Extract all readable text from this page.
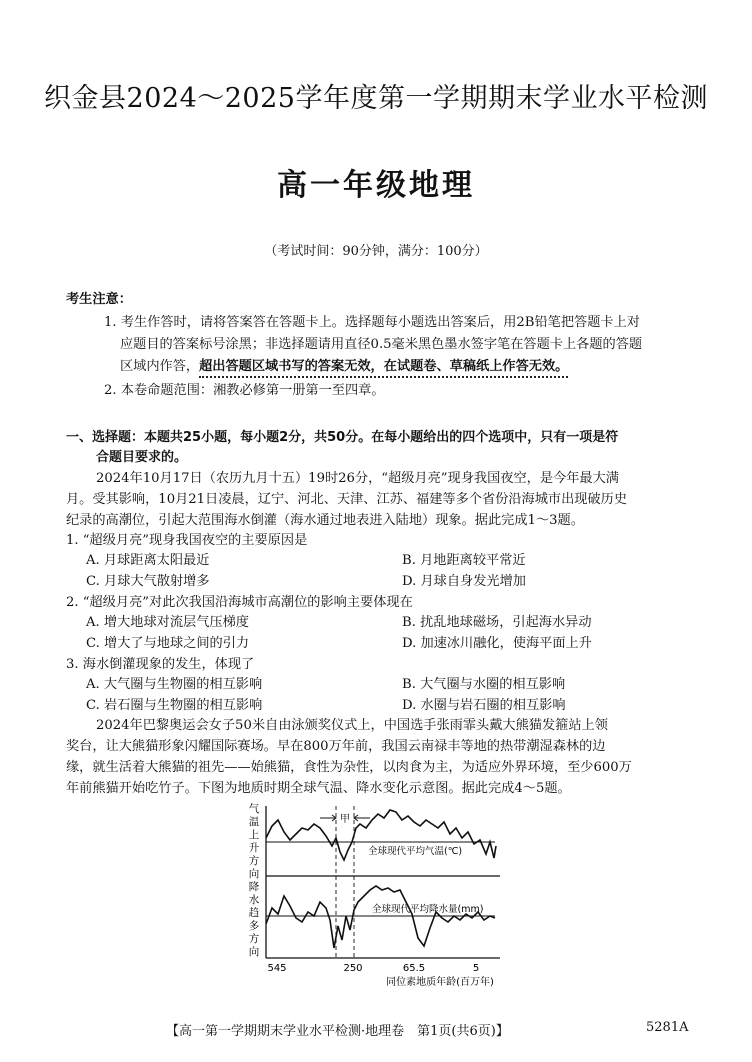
织金县2024～2025学年度第一学期期末学业水平检测
高一年级地理
（考试时间：90分钟，满分：100分）
考生注意：
1. 考生作答时，请将答案答在答题卡上。选择题每小题选出答案后，用2B铅笔把答题卡上对
应题目的答案标号涂黑；非选择题请用直径0.5毫米黑色墨水签字笔在答题卡上各题的答题
区域内作答，超出答题区域书写的答案无效，在试题卷、草稿纸上作答无效。
2. 本卷命题范围：湘教必修第一册第一至四章。
一、选择题：本题共25小题，每小题2分，共50分。在每小题给出的四个选项中，只有一项是符
合题目要求的。
2024年10月17日（农历九月十五）19时26分，“超级月亮”现身我国夜空，是今年最大满
月。受其影响，10月21日凌晨，辽宁、河北、天津、江苏、福建等多个省份沿海城市出现破历史
纪录的高潮位，引起大范围海水倒灌（海水通过地表进入陆地）现象。据此完成1～3题。
1. “超级月亮”现身我国夜空的主要原因是
A. 月球距离太阳最近	B. 月地距离较平常近
C. 月球大气散射增多	D. 月球自身发光增加
2. “超级月亮”对此次我国沿海城市高潮位的影响主要体现在
A. 增大地球对流层气压梯度	B. 扰乱地球磁场，引起海水异动
C. 增大了与地球之间的引力	D. 加速冰川融化，使海平面上升
3. 海水倒灌现象的发生，体现了
A. 大气圈与生物圈的相互影响	B. 大气圈与水圈的相互影响
C. 岩石圈与生物圈的相互影响	D. 水圈与岩石圈的相互影响
2024年巴黎奥运会女子50米自由泳颁奖仪式上，中国选手张雨霏头戴大熊猫发箍站上领
奖台，让大熊猫形象闪耀国际赛场。早在800万年前，我国云南禄丰等地的热带潮湿森林的边
缘，就生活着大熊猫的祖先——始熊猫，食性为杂性，以肉食为主，为适应外界环境，至少600万
年前熊猫开始吃竹子。下图为地质时期全球气温、降水变化示意图。据此完成4～5题。
气
温
上
升
方
向
降
水
趋
多
方
向
甲
全球现代平均气温(℃)
全球现代平均降水量(mm)
545	250	65.5	5
同位素地质年龄(百万年)
【高一第一学期期末学业水平检测·地理卷　第1页(共6页)】	5281A
